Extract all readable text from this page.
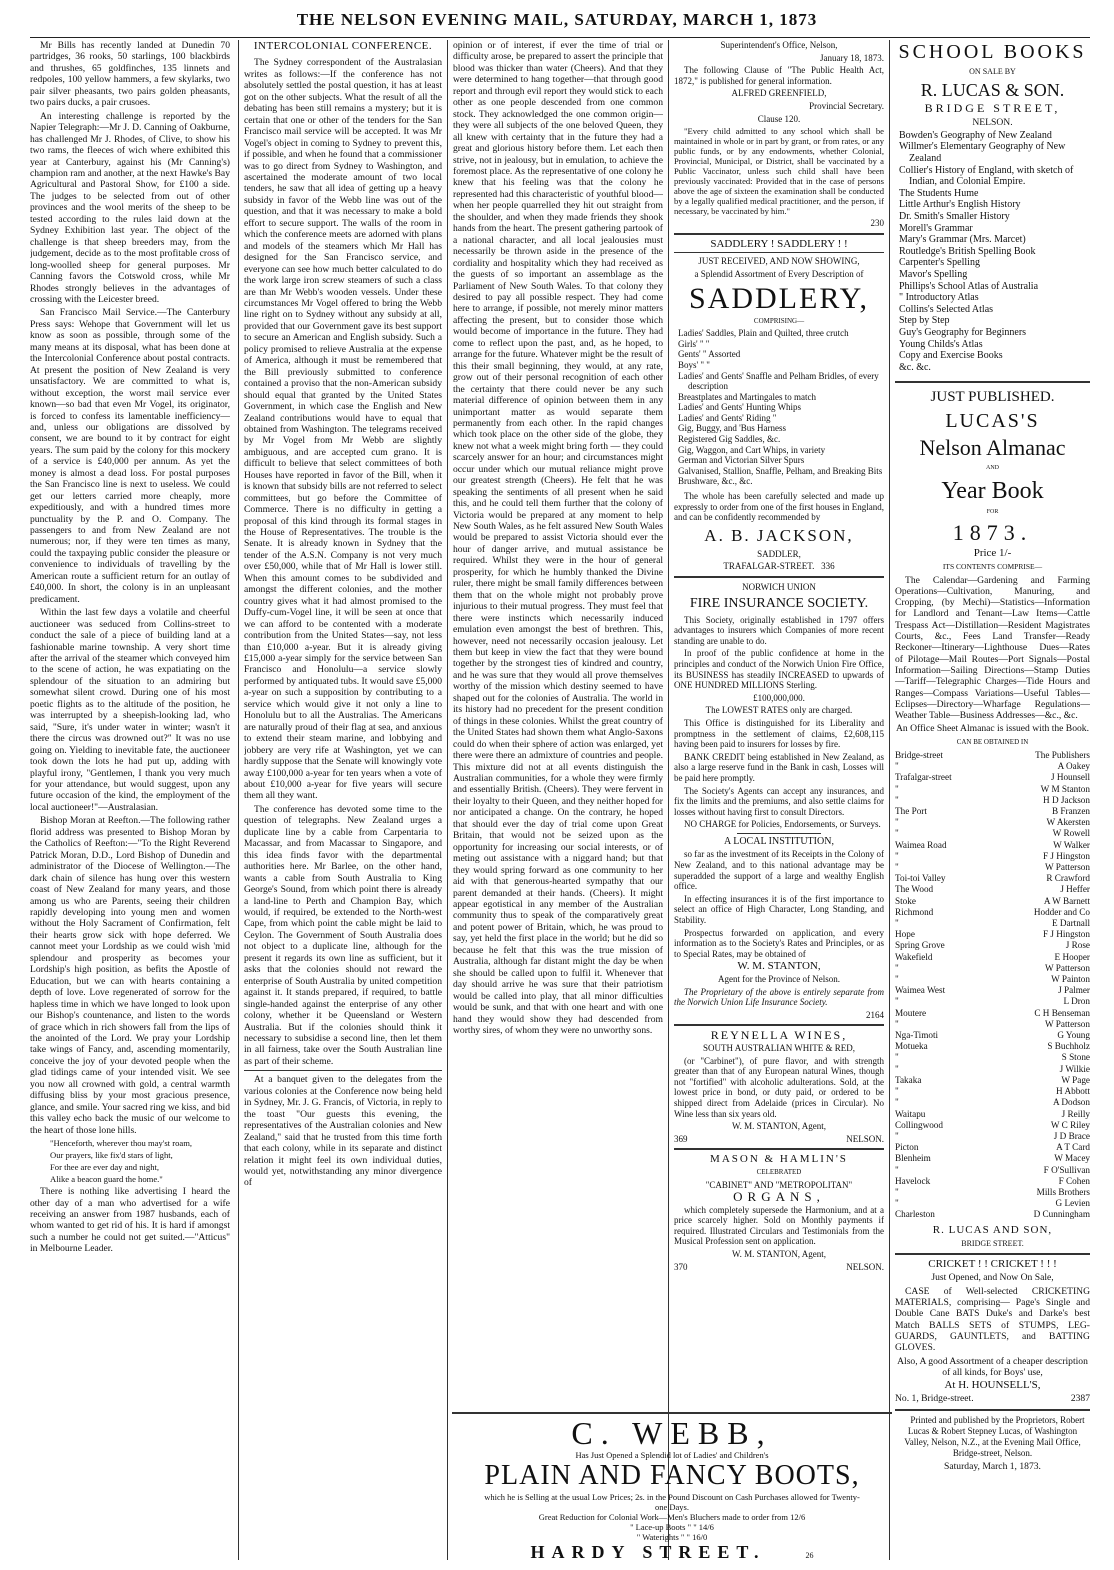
THE NELSON EVENING MAIL, SATURDAY, MARCH 1, 1873

Mr Bills has recently landed at Dunedin 70 partridges, 36 rooks, 50 starlings, 100 blackbirds and thrushes, 65 goldfinches, 135 linnets and redpoles, 100 yellow hammers, a few skylarks, two pair silver pheasants, two pairs golden pheasants, two pairs ducks, a pair crusoes.

An interesting challenge is reported by the Napier Telegraph:—Mr J. D. Canning of Oakburne, has challenged Mr J. Rhodes, of Clive, to show his two rams, the fleeces of wich where exhibited this year at Canterbury, against his (Mr Canning's) champion ram and another, at the next Hawke's Bay Agricultural and Pastoral Show, for £100 a side. The judges to be selected from out of other provinces and the wool merits of the sheep to be tested according to the rules laid down at the Sydney Exhibition last year. The object of the challenge is that sheep breeders may, from the judgement, decide as to the most profitable cross of long-woolled sheep for general purposes. Mr Canning favors the Cotswold cross, while Mr Rhodes strongly believes in the advantages of crossing with the Leicester breed.

San Francisco Mail Service.—The Canterbury Press says: Wehope that Government will let us know as soon as possible, through some of the many means at its disposal, what has been done at the Intercolonial Conference about postal contracts. At present the position of New Zealand is very unsatisfactory. We are committed to what is, without exception, the worst mail service ever known—so bad that even Mr Vogel, its originator, is forced to confess its lamentable inefficiency—and, unless our obligations are dissolved by consent, we are bound to it by contract for eight years. The sum paid by the colony for this mockery of a service is £40,000 per annum. As yet the money is almost a dead loss. For postal purposes the San Francisco line is next to useless. We could get our letters carried more cheaply, more expeditiously, and with a hundred times more punctuality by the P. and O. Company. The passengers to and from New Zealand are not numerous; nor, if they were ten times as many, could the taxpaying public consider the pleasure or convenience to individuals of travelling by the American route a sufficient return for an outlay of £40,000. In short, the colony is in an unpleasant predicament.

Within the last few days a volatile and cheerful auctioneer was seduced from Collins-street to conduct the sale of a piece of building land at a fashionable marine township. A very short time after the arrival of the steamer which conveyed him to the scene of action, he was expatiating on the splendour of the situation to an admiring but somewhat silent crowd. During one of his most poetic flights as to the altitude of the position, he was interrupted by a sheepish-looking lad, who said, "Sure, it's under water in winter; wasn't it there the circus was drowned out?" It was no use going on. Yielding to inevitable fate, the auctioneer took down the lots he had put up, adding with playful irony, "Gentlemen, I thank you very much for your attendance, but would suggest, upon any future occasion of the kind, the employment of the local auctioneer!"—Australasian.

Bishop Moran at Reefton.—The following rather florid address was presented to Bishop Moran by the Catholics of Reefton:—"To the Right Reverend Patrick Moran, D.D., Lord Bishop of Dunedin and administrator of the Diocese of Wellington.—The dark chain of silence has hung over this western coast of New Zealand for many years, and those among us who are Parents, seeing their children rapidly developing into young men and women without the Holy Sacrament of Confirmation, felt their hearts grow sick with hope deferred. We cannot meet your Lordship as we could wish 'mid splendour and prosperity as becomes your Lordship's high position, as befits the Apostle of Education, but we can with hearts containing a depth of love. Love regenerated of sorrow for the hapless time in which we have longed to look upon our Bishop's countenance, and listen to the words of grace which in rich showers fall from the lips of the anointed of the Lord. We pray your Lordship take wings of Fancy, and, ascending momentarily, conceive the joy of your devoted people when the glad tidings came of your intended visit. We see you now all crowned with gold, a central warmth diffusing bliss by your most gracious presence, glance, and smile. Your sacred ring we kiss, and bid this valley echo back the music of our welcome to the heart of those lone hills.

"Henceforth, wherever thou may'st roam,

Our prayers, like fix'd stars of light,

For thee are ever day and night,

Alike a beacon guard the home."

There is nothing like advertising I heard the other day of a man who advertised for a wife receiving an answer from 1987 husbands, each of whom wanted to get rid of his. It is hard if amongst such a number he could not get suited.—"Atticus" in Melbourne Leader.

INTERCOLONIAL CONFERENCE.

The Sydney correspondent of the Australasian writes as follows:—If the conference has not absolutely settled the postal question, it has at least got on the other subjects. What the result of all the debating has been still remains a mystery; but it is certain that one or other of the tenders for the San Francisco mail service will be accepted. It was Mr Vogel's object in coming to Sydney to prevent this, if possible, and when he found that a commissioner was to go direct from Sydney to Washington, and ascertained the moderate amount of two local tenders, he saw that all idea of getting up a heavy subsidy in favor of the Webb line was out of the question, and that it was necessary to make a bold effort to secure support. The walls of the room in which the conference meets are adorned with plans and models of the steamers which Mr Hall has designed for the San Francisco service, and everyone can see how much better calculated to do the work large iron screw steamers of such a class are than Mr Webb's wooden vessels. Under these circumstances Mr Vogel offered to bring the Webb line right on to Sydney without any subsidy at all, provided that our Government gave its best support to secure an American and English subsidy. Such a policy promised to relieve Australia at the expense of America, although it must be remembered that the Bill previously submitted to conference contained a proviso that the non-American subsidy should equal that granted by the United States Government, in which case the English and New Zealand contributions would have to equal that obtained from Washington. The telegrams received by Mr Vogel from Mr Webb are slightly ambiguous, and are accepted cum grano. It is difficult to believe that select committees of both Houses have reported in favor of the Bill, when it is known that subsidy bills are not referred to select committees, but go before the Committee of Commerce. There is no difficulty in getting a proposal of this kind through its formal stages in the House of Representatives. The trouble is the Senate. It is already known in Sydney that the tender of the A.S.N. Company is not very much over £50,000, while that of Mr Hall is lower still. When this amount comes to be subdivided and amongst the different colonies, and the mother country gives what it had almost promised to the Duffy-cum-Vogel line, it will be seen at once that we can afford to be contented with a moderate contribution from the United States—say, not less than £10,000 a-year. But it is already giving £15,000 a-year simply for the service between San Francisco and Honolulu—a service slowly performed by antiquated tubs. It would save £5,000 a-year on such a supposition by contributing to a service which would give it not only a line to Honolulu but to all the Australias. The Americans are naturally proud of their flag at sea, and anxious to extend their steam marine, and lobbying and jobbery are very rife at Washington, yet we can hardly suppose that the Senate will knowingly vote away £100,000 a-year for ten years when a vote of about £10,000 a-year for five years will secure them all they want.

The conference has devoted some time to the question of telegraphs. New Zealand urges a duplicate line by a cable from Carpentaria to Macassar, and from Macassar to Singapore, and this idea finds favor with the departmental authorities here. Mr Barlee, on the other hand, wants a cable from South Australia to King George's Sound, from which point there is already a land-line to Perth and Champion Bay, which would, if required, be extended to the North-west Cape, from which point the cable might be laid to Ceylon. The Government of South Australia does not object to a duplicate line, although for the present it regards its own line as sufficient, but it asks that the colonies should not reward the enterprise of South Australia by united competition against it. It stands prepared, if required, to battle single-handed against the enterprise of any other colony, whether it be Queensland or Western Australia. But if the colonies should think it necessary to subsidise a second line, then let them in all fairness, take over the South Australian line as part of their scheme.

At a banquet given to the delegates from the various colonies at the Conference now being held in Sydney, Mr. J. G. Francis, of Victoria, in reply to the toast "Our guests this evening, the representatives of the Australian colonies and New Zealand," said that he trusted from this time forth that each colony, while in its separate and distinct relation it might feel its own individual duties, would yet, notwithstanding any minor divergence of

opinion or of interest, if ever the time of trial or difficulty arose, be prepared to assert the principle that blood was thicker than water (Cheers). And that they were determined to hang together—that through good report and through evil report they would stick to each other as one people descended from one common stock. They acknowledged the one common origin—they were all subjects of the one beloved Queen, they all knew with certainty that in the future they had a great and glorious history before them. Let each then strive, not in jealousy, but in emulation, to achieve the foremost place. As the representative of one colony he knew that his feeling was that the colony he represented had this characteristic of youthful blood—when her people quarrelled they hit out straight from the shoulder, and when they made friends they shook hands from the heart. The present gathering partook of a national character, and all local jealousies must necessarily be thrown aside in the presence of the cordiality and hospitality which they had received as the guests of so important an assemblage as the Parliament of New South Wales. To that colony they desired to pay all possible respect. They had come here to arrange, if possible, not merely minor matters affecting the present, but to consider those which would become of importance in the future. They had come to reflect upon the past, and, as he hoped, to arrange for the future. Whatever might be the result of this their small beginning, they would, at any rate, grow out of their personal recognition of each other the certainty that there could never be any such material difference of opinion between them in any unimportant matter as would separate them permanently from each other. In the rapid changes which took place on the other side of the globe, they knew not what a week might bring forth — they could scarcely answer for an hour; and circumstances might occur under which our mutual reliance might prove our greatest strength (Cheers). He felt that he was speaking the sentiments of all present when he said this, and he could tell them further that the colony of Victoria would be prepared at any moment to help New South Wales, as he felt assured New South Wales would be prepared to assist Victoria should ever the hour of danger arrive, and mutual assistance be required. Whilst they were in the hour of general prosperity, for which he humbly thanked the Divine ruler, there might be small family differences between them that on the whole might not probably prove injurious to their mutual progress. They must feel that there were instincts which necessarily induced emulation even amongst the best of brethren. This, however, need not necessarily occasion jealousy. Let them but keep in view the fact that they were bound together by the strongest ties of kindred and country, and he was sure that they would all prove themselves worthy of the mission which destiny seemed to have shaped out for the colonies of Australia. The world in its history had no precedent for the present condition of things in these colonies. Whilst the great country of the United States had shown them what Anglo-Saxons could do when their sphere of action was enlarged, yet there were there an admixture of countries and people. This mixture did not at all events distinguish the Australian communities, for a whole they were firmly and essentially British. (Cheers). They were fervent in their loyalty to their Queen, and they neither hoped for nor anticipated a change. On the contrary, he hoped that should ever the day of trial come upon Great Britain, that would not be seized upon as the opportunity for increasing our social interests, or of meting out assistance with a niggard hand; but that they would spring forward as one community to her aid with that generous-hearted sympathy that our parent demanded at their hands. (Cheers). It might appear egotistical in any member of the Australian community thus to speak of the comparatively great and potent power of Britain, which, he was proud to say, yet held the first place in the world; but he did so because he felt that this was the true mission of Australia, although far distant might the day be when she should be called upon to fulfil it. Whenever that day should arrive he was sure that their patriotism would be called into play, that all minor difficulties would be sunk, and that with one heart and with one hand they would show they had descended from worthy sires, of whom they were no unworthy sons.

Superintendent's Office, Nelson,

January 18, 1873.

The following Clause of "The Public Health Act, 1872," is published for general information.

ALFRED GREENFIELD,

Provincial Secretary.

Clause 120.

"Every child admitted to any school which shall be maintained in whole or in part by grant, or from rates, or any public funds, or by any endowments, whether Colonial, Provincial, Municipal, or District, shall be vaccinated by a Public Vaccinator, unless such child shall have been previously vaccinated: Provided that in the case of persons above the age of sixteen the examination shall be conducted by a legally qualified medical practitioner, and the person, if necessary, be vaccinated by him."

230

SADDLERY ! SADDLERY ! !

JUST RECEIVED, AND NOW SHOWING,

a Splendid Assortment of Every Description of

SADDLERY,

COMPRISING—

Ladies' Saddles, Plain and Quilted, three crutch

Girls' " "

Gents' " Assorted

Boys' " "

Ladies' and Gents' Snaffle and Pelham Bridles, of every description

Breastplates and Martingales to match

Ladies' and Gents' Hunting Whips

Ladies' and Gents' Riding "

Gig, Buggy, and 'Bus Harness

Registered Gig Saddles, &c.

Gig, Waggon, and Cart Whips, in variety

German and Victorian Silver Spurs

Galvanised, Stallion, Snaffle, Pelham, and Breaking Bits

Brushware, &c., &c.

The whole has been carefully selected and made up expressly to order from one of the first houses in England, and can be confidently recommended by

A. B. JACKSON,

SADDLER,

TRAFALGAR-STREET. 336

NORWICH UNION

FIRE INSURANCE SOCIETY.

This Society, originally established in 1797 offers advantages to insurers which Companies of more recent standing are unable to do.

In proof of the public confidence at home in the principles and conduct of the Norwich Union Fire Office, its BUSINESS has steadily INCREASED to upwards of ONE HUNDRED MILLIONS Sterling.

£100,000,000.

The LOWEST RATES only are charged.

This Office is distinguished for its Liberality and promptness in the settlement of claims, £2,608,115 having been paid to insurers for losses by fire.

BANK CREDIT being established in New Zealand, as also a large reserve fund in the Bank in cash, Losses will be paid here promptly.

The Society's Agents can accept any insurances, and fix the limits and the premiums, and also settle claims for losses without having first to consult Directors.

NO CHARGE for Policies, Endorsements, or Surveys.

A LOCAL INSTITUTION,

so far as the investment of its Receipts in the Colony of New Zealand, and to this national advantage may be superadded the support of a large and wealthy English office.

In effecting insurances it is of the first importance to select an office of High Character, Long Standing, and Stability.

Prospectus forwarded on application, and every information as to the Society's Rates and Principles, or as to Special Rates, may be obtained of

W. M. STANTON,

Agent for the Province of Nelson.

The Proprietary of the above is entirely separate from the Norwich Union Life Insurance Society.

2164

REYNELLA WINES,

SOUTH AUSTRALIAN WHITE & RED,

(or "Carbinet"), of pure flavor, and with strength greater than that of any European natural Wines, though not "fortified" with alcoholic adulterations. Sold, at the lowest price in bond, or duty paid, or ordered to be shipped direct from Adelaide (prices in Circular). No Wine less than six years old.

W. M. STANTON, Agent,

369	NELSON.

MASON & HAMLIN'S

CELEBRATED

"CABINET" AND "METROPOLITAN"

ORGANS,

which completely supersede the Harmonium, and at a price scarcely higher. Sold on Monthly payments if required. Illustrated Circulars and Testimonials from the Musical Profession sent on application.

W. M. STANTON, Agent,

370	NELSON.

SCHOOL BOOKS

ON SALE BY

R. LUCAS & SON.

BRIDGE STREET,

NELSON.

Bowden's Geography of New Zealand

Willmer's Elementary Geography of New Zealand

Collier's History of England, with sketch of Indian, and Colonial Empire.

The Students Hume

Little Arthur's English History

Dr. Smith's Smaller History

Morell's Grammar

Mary's Grammar (Mrs. Marcet)

Routledge's British Spelling Book

Carpenter's Spelling

Mavor's Spelling

Phillips's School Atlas of Australia

" Introductory Atlas

Collins's Selected Atlas

Step by Step

Guy's Geography for Beginners

Young Childs's Atlas

Copy and Exercise Books

&c. &c.

JUST PUBLISHED.

LUCAS'S

Nelson Almanac

AND

Year Book

FOR

1873.

Price 1/-

ITS CONTENTS COMPRISE—

The Calendar—Gardening and Farming Operations—Cultivation, Manuring, and Cropping, (by Mechi)—Statistics—Information for Landlord and Tenant—Law Items—Cattle Trespass Act—Distillation—Resident Magistrates Courts, &c., Fees Land Transfer—Ready Reckoner—Itinerary—Lighthouse Dues—Rates of Pilotage—Mail Routes—Port Signals—Postal Information—Sailing Directions—Stamp Duties—Tariff—Telegraphic Charges—Tide Hours and Ranges—Compass Variations—Useful Tables—Eclipses—Directory—Wharfage Regulations—Weather Table—Business Addresses—&c., &c.

An Office Sheet Almanac is issued with the Book.

CAN BE OBTAINED IN

Bridge-street	The Publishers
"	A Oakey
Trafalgar-street	J Hounsell
"	W M Stanton
"	H D Jackson
The Port	B Franzen
"	W Akersten
"	W Rowell
Waimea Road	W Walker
"	F J Hingston
"	W Patterson
Toi-toi Valley	R Crawford
The Wood	J Heffer
Stoke	A W Barnett
Richmond	Hodder and Co
"	E Dartnall
Hope	F J Hingston
Spring Grove	J Rose
Wakefield	E Hooper
"	W Patterson
"	W Painton
Waimea West	J Palmer
"	L Dron
Moutere	C H Benseman
"	W Patterson
Nga-Timoti	G Young
Motueka	S Buchholz
"	S Stone
"	J Wilkie
Takaka	W Page
"	H Abbott
"	A Dodson
Waitapu	J Reilly
Collingwood	W C Riley
"	J D Brace
Picton	A T Card
Blenheim	W Macey
"	F O'Sullivan
Havelock	F Cohen
"	Mills Brothers
"	G Levien
Charleston	D Cunningham

R. LUCAS AND SON,

BRIDGE STREET.

CRICKET ! ! CRICKET ! ! !

Just Opened, and Now On Sale,

CASE of Well-selected CRICKETING MATERIALS, comprising— Page's Single and Double Cane BATS Duke's and Darke's best Match BALLS SETS of STUMPS, LEG-GUARDS, GAUNTLETS, and BATTING GLOVES.

Also, A good Assortment of a cheaper description of all kinds, for Boys' use,

At H. HOUNSELL'S,

No. 1, Bridge-street.	2387

Printed and published by the Proprietors, Robert Lucas & Robert Stepney Lucas, of Washington Valley, Nelson, N.Z., at the Evening Mail Office, Bridge-street, Nelson.

Saturday, March 1, 1873.

C. WEBB,
Has Just Opened a Splendid lot of Ladies' and Children's
PLAIN AND FANCY BOOTS,
which he is Selling at the usual Low Prices; 2s. in the Pound Discount on Cash Purchases allowed for Twenty-one Days.
Great Reduction for Colonial Work—Men's Bluchers made to order from 12/6
" Lace-up Boots " " 14/6
" Waterights " " 16/0
HARDY STREET.	26
